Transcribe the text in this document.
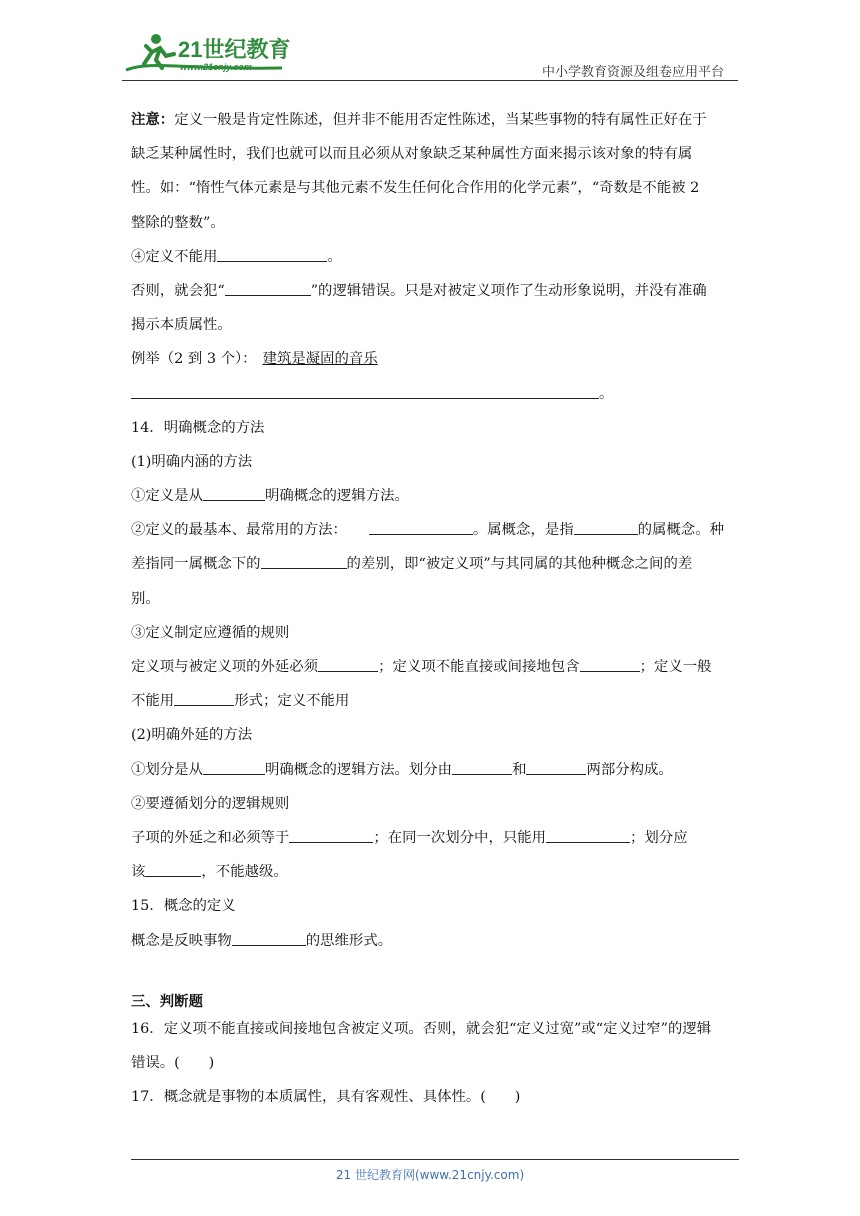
21世纪教育
www.21cnjy.com	中小学教育资源及组卷应用平台
注意：定义一般是肯定性陈述，但并非不能用否定性陈述，当某些事物的特有属性正好在于
缺乏某种属性时，我们也就可以而且必须从对象缺乏某种属性方面来揭示该对象的特有属
性。如：“惰性气体元素是与其他元素不发生任何化合作用的化学元素”，“奇数是不能被 2
整除的整数”。
④定义不能用	。
否则，就会犯“	”的逻辑错误。只是对被定义项作了生动形象说明，并没有准确
揭示本质属性。
例举（2 到 3 个）： 建筑是凝固的音乐
。
14．明确概念的方法
(1)明确内涵的方法
①定义是从	明确概念的逻辑方法。
②定义的最基本、最常用的方法：	。属概念，是指	的属概念。种
差指同一属概念下的	的差别，即“被定义项”与其同属的其他种概念之间的差
别。
③定义制定应遵循的规则
定义项与被定义项的外延必须	；定义项不能直接或间接地包含	；定义一般
不能用	形式；定义不能用
(2)明确外延的方法
①划分是从	明确概念的逻辑方法。划分由	和	两部分构成。
②要遵循划分的逻辑规则
子项的外延之和必须等于	；在同一次划分中，只能用	；划分应
该	，不能越级。
15．概念的定义
概念是反映事物	的思维形式。
三、判断题
16．定义项不能直接或间接地包含被定义项。否则，就会犯“定义过宽”或“定义过窄”的逻辑
错误。(　　)
17．概念就是事物的本质属性，具有客观性、具体性。(　　)
21 世纪教育网(www.21cnjy.com)
